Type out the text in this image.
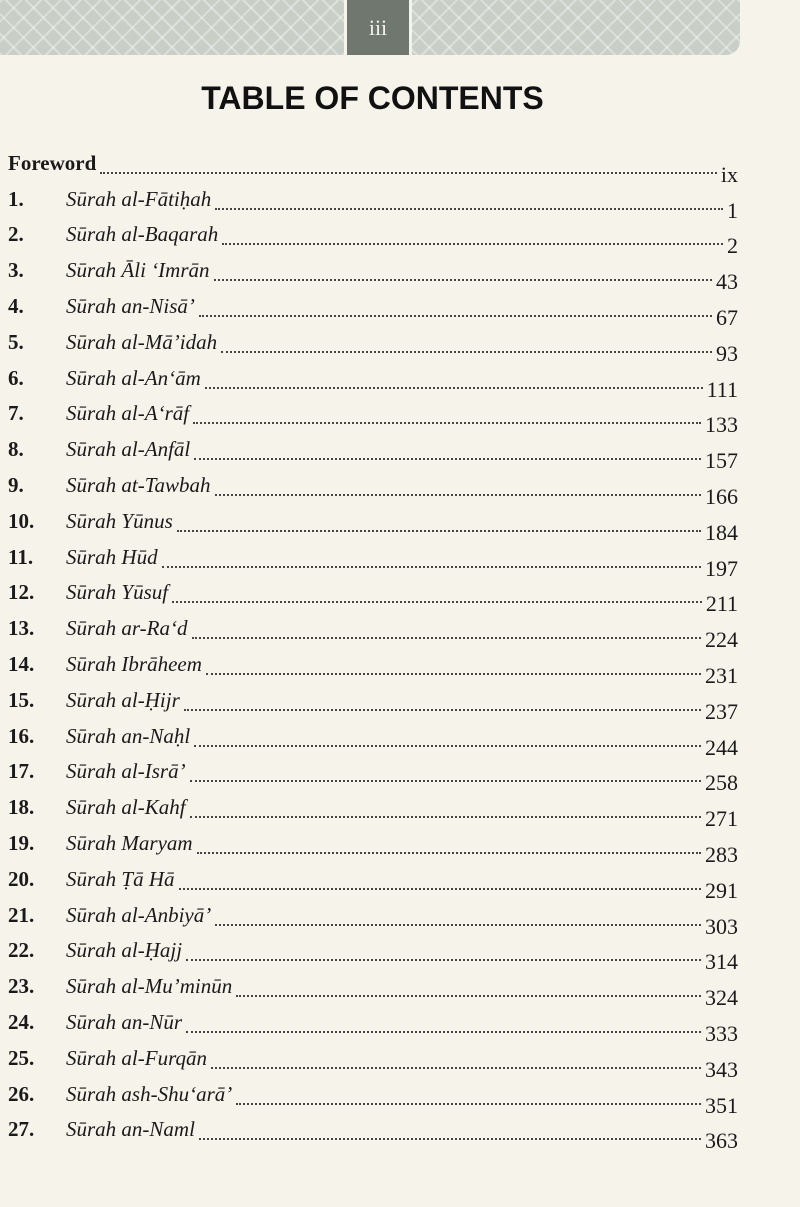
iii
TABLE OF CONTENTS
Foreword	ix
1.	Sūrah al-Fātiḥah	1
2.	Sūrah al-Baqarah	2
3.	Sūrah Āli ‘Imrān	43
4.	Sūrah an-Nisā’	67
5.	Sūrah al-Mā’idah	93
6.	Sūrah al-An‘ām	111
7.	Sūrah al-A‘rāf	133
8.	Sūrah al-Anfāl	157
9.	Sūrah at-Tawbah	166
10.	Sūrah Yūnus	184
11.	Sūrah Hūd	197
12.	Sūrah Yūsuf	211
13.	Sūrah ar-Ra‘d	224
14.	Sūrah Ibrāheem	231
15.	Sūrah al-Ḥijr	237
16.	Sūrah an-Naḥl	244
17.	Sūrah al-Isrā’	258
18.	Sūrah al-Kahf	271
19.	Sūrah Maryam	283
20.	Sūrah Ṭā Hā	291
21.	Sūrah al-Anbiyā’	303
22.	Sūrah al-Ḥajj	314
23.	Sūrah al-Mu’minūn	324
24.	Sūrah an-Nūr	333
25.	Sūrah al-Furqān	343
26.	Sūrah ash-Shu‘arā’	351
27.	Sūrah an-Naml	363
